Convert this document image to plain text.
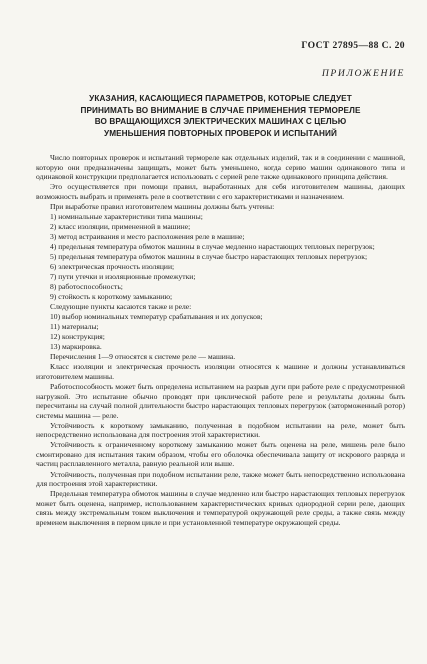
ГОСТ 27895—88 С. 20
ПРИЛОЖЕНИЕ
УКАЗАНИЯ, КАСАЮЩИЕСЯ ПАРАМЕТРОВ, КОТОРЫЕ СЛЕДУЕТ
ПРИНИМАТЬ ВО ВНИМАНИЕ В СЛУЧАЕ ПРИМЕНЕНИЯ ТЕРМОРЕЛЕ
ВО ВРАЩАЮЩИХСЯ ЭЛЕКТРИЧЕСКИХ МАШИНАХ С ЦЕЛЬЮ
УМЕНЬШЕНИЯ ПОВТОРНЫХ ПРОВЕРОК И ИСПЫТАНИЙ

Число повторных проверок и испытаний терморелe как отдельных изделий, так и в соединении с машиной, которую они предназначены защищать, может быть уменьшено, когда серию машин одинакового типа и одинаковой конструкции предполагается использовать с серией реле также одинакового принципа действия.

Это осуществляется при помощи правил, выработанных для себя изготовителем машины, дающих возможность выбрать и применять реле в соответствии с его характеристиками и назначением.

При выработке правил изготовителем машины должны быть учтены:

1) номинальные характеристики типа машины;

2) класс изоляции, примененной в машине;

3) метод встраивания и место расположения реле в машине;

4) предельная температура обмоток машины в случае медленно нарастающих тепловых перегрузок;

5) предельная температура обмоток машины в случае быстро нарастающих тепловых перегрузок;

6) электрическая прочность изоляции;

7) пути утечки и изоляционные промежутки;

8) работоспособность;

9) стойкость к короткому замыканию;

Следующие пункты касаются также и реле:

10) выбор номинальных температур срабатывания и их допусков;

11) материалы;

12) конструкция;

13) маркировка.

Перечисления 1—9 относятся к системе реле — машина.

Класс изоляции и электрическая прочность изоляции относятся к машине и должны устанавливаться изготовителем машины.

Работоспособность может быть определена испытанием на разрыв дуги при работе реле с предусмотренной нагрузкой. Это испытание обычно проводят при циклической работе реле и результаты должны быть пересчитаны на случай полной длительности быстро нарастающих тепловых перегрузок (заторможенный ротор) системы машина — реле.

Устойчивость к короткому замыканию, полученная в подобном испытании на реле, может быть непосредственно использована для построения этой характеристики.

Устойчивость к ограниченному короткому замыканию может быть оценена на реле, мишень реле было смонтировано для испытания таким образом, чтобы его оболочка обеспечивала защиту от искрового разряда и частиц расплавленного металла, равную реальной или выше.

Устойчивость, полученная при подобном испытании реле, также может быть непосредственно использована для построения этой характеристики.

Предельная температура обмоток машины в случае медленно или быстро нарастающих тепловых перегрузок может быть оценена, например, использованием характеристических кривых однородной серии реле, дающих связь между экстремальным током выключения и температурой окружающей реле среды, а также связь между временем выключения в первом цикле и при установленной температуре окружающей среды.
